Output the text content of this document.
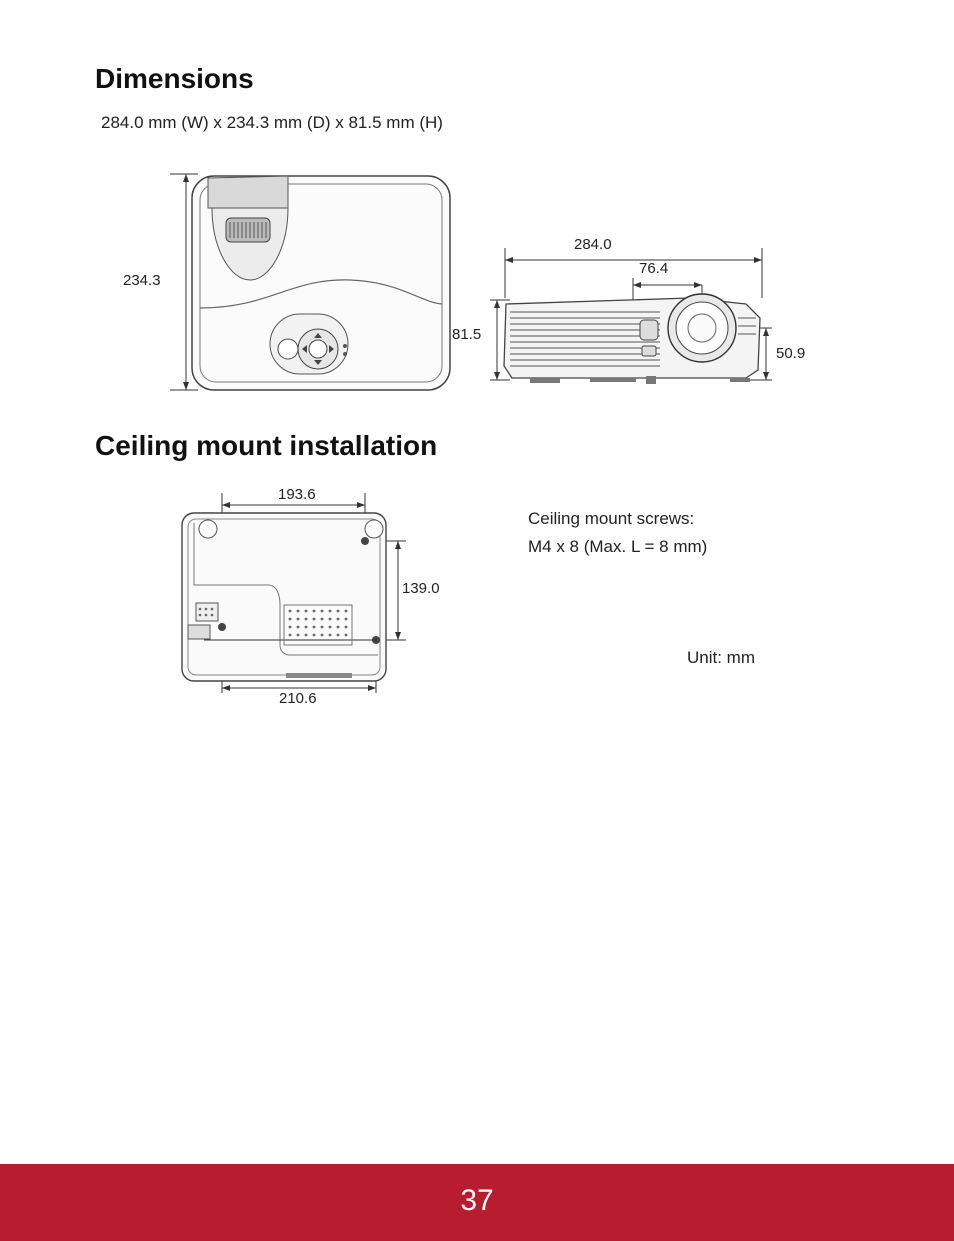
Dimensions
284.0 mm (W) x 234.3 mm (D) x 81.5 mm (H)
234.3
284.0
76.4
81.5
50.9
Ceiling mount installation
193.6
139.0
210.6
Ceiling mount screws:
M4 x 8 (Max. L = 8 mm)
Unit: mm
37
